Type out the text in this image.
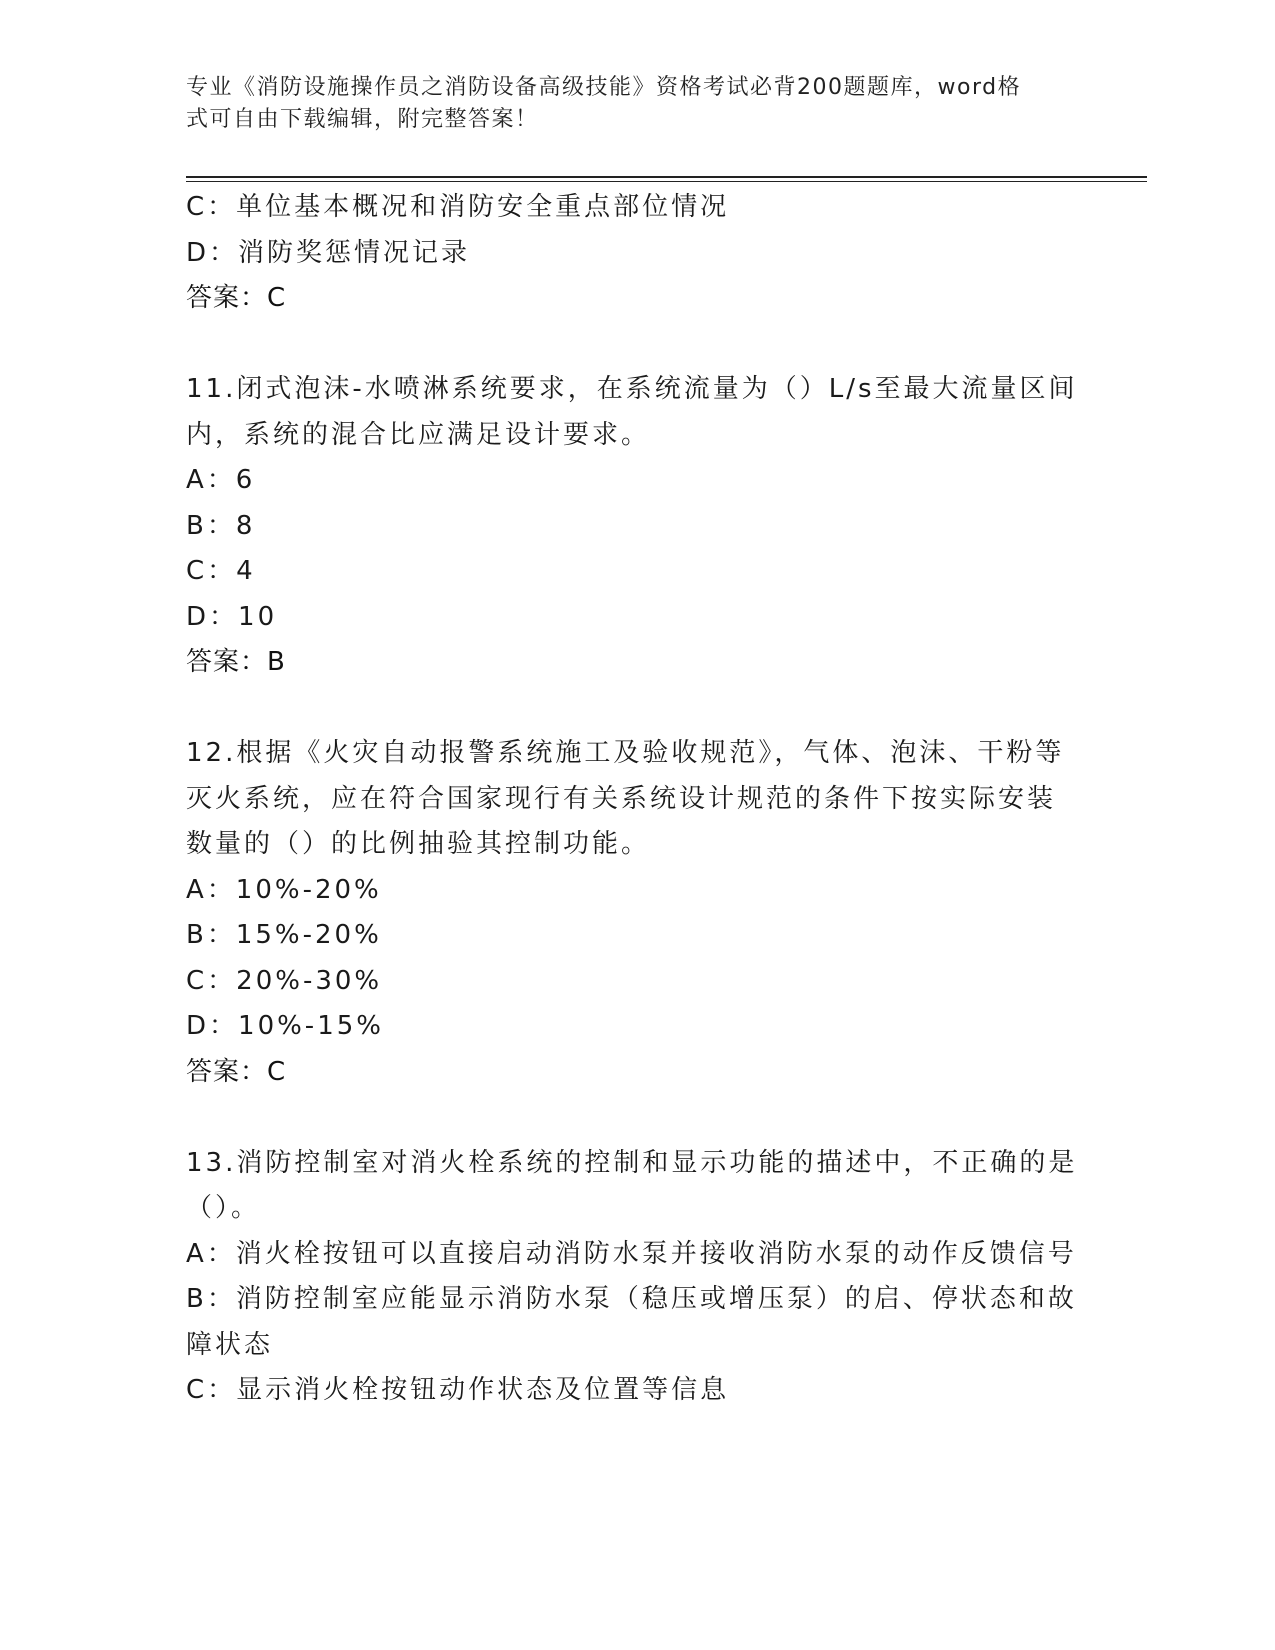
专业《消防设施操作员之消防设备高级技能》资格考试必背200题题库，word格
式可自由下载编辑，附完整答案！
C：单位基本概况和消防安全重点部位情况
D：消防奖惩情况记录
答案：C
11.闭式泡沫-水喷淋系统要求，在系统流量为（）L/s至最大流量区间
内，系统的混合比应满足设计要求。
A：6
B：8
C：4
D：10
答案：B
12.根据《火灾自动报警系统施工及验收规范》，气体、泡沫、干粉等
灭火系统，应在符合国家现行有关系统设计规范的条件下按实际安装
数量的（）的比例抽验其控制功能。
A：10%-20%
B：15%-20%
C：20%-30%
D：10%-15%
答案：C
13.消防控制室对消火栓系统的控制和显示功能的描述中，不正确的是
（）。
A：消火栓按钮可以直接启动消防水泵并接收消防水泵的动作反馈信号
B：消防控制室应能显示消防水泵（稳压或增压泵）的启、停状态和故
障状态
C：显示消火栓按钮动作状态及位置等信息
